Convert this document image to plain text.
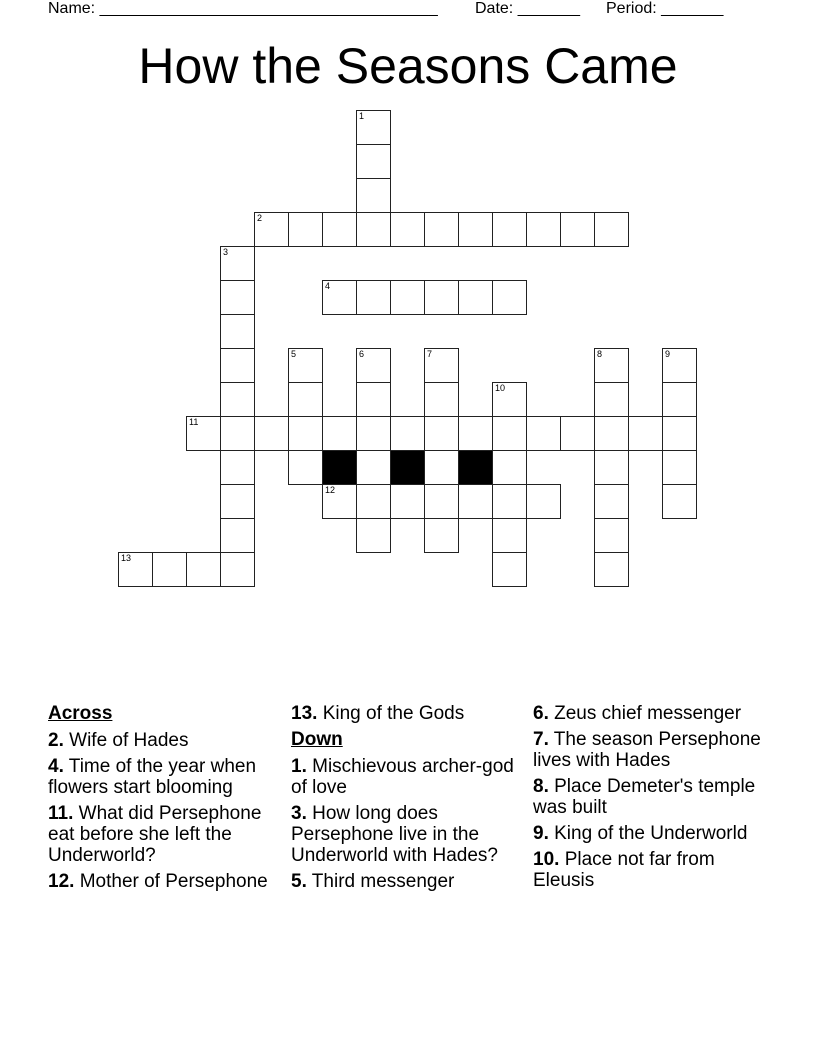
Name: ______________________________________ Date: _______ Period: _______
How the Seasons Came
1
2
3
4
5	6	7
10
8	9
11
12
13
Across
2. Wife of Hades
4. Time of the year when flowers start blooming
11. What did Persephone eat before she left the Underworld?
12. Mother of Persephone
13. King of the Gods
Down
1. Mischievous archer-god of love
3. How long does Persephone live in the Underworld with Hades?
5. Third messenger
6. Zeus chief messenger
7. The season Persephone lives with Hades
8. Place Demeter's temple was built
9. King of the Underworld
10. Place not far from Eleusis
